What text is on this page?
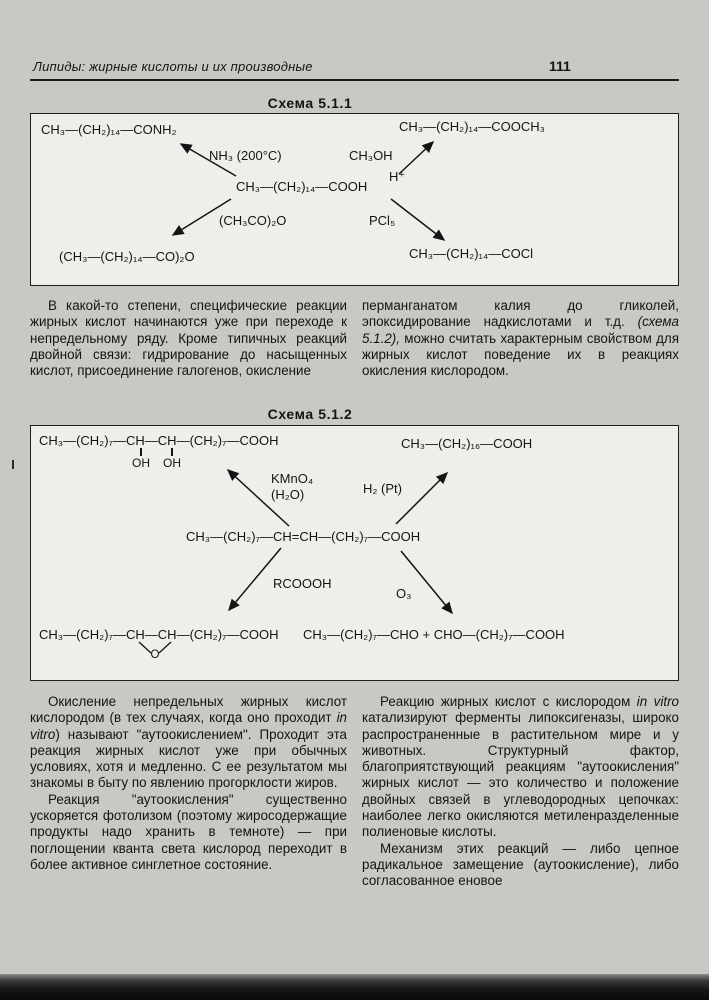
Липиды: жирные кислоты и их производные	111
Схема 5.1.1
CH₃—(CH₂)₁₄—CONH₂	CH₃—(CH₂)₁₄—COOCH₃
CH₃—(CH₂)₁₄—COOH
(CH₃—(CH₂)₁₄—CO)₂O	CH₃—(CH₂)₁₄—COCl
NH₃ (200°C)	CH₃OH
H⁺
(CH₃CO)₂O	PCl₅

В какой-то степени, специфические реакции жирных кислот начинаются уже при переходе к непредельному ряду. Кроме типичных реакций двойной связи: гидрирование до насыщенных кислот, присоединение галогенов, окисление

перманганатом калия до гликолей, эпоксидирование надкислотами и т.д. (схема 5.1.2), можно считать характерным свойством для жирных кислот поведение их в реакциях окисления кислородом.

Схема 5.1.2
CH₃—(CH₂)₇—CH—CH—(CH₂)₇—COOH
OH OH
CH₃—(CH₂)₁₆—COOH
CH₃—(CH₂)₇—CH=CH—(CH₂)₇—COOH
CH₃—(CH₂)₇—CH—CH—(CH₂)₇—COOH
O
CH₃—(CH₂)₇—CHO + CHO—(CH₂)₇—COOH
KMnO₄
(H₂O)	H₂ (Pt)
RCOOOH
O₃

Окисление непредельных жирных кислот кислородом (в тех случаях, когда оно проходит in vitro) называют "аутоокислением". Проходит эта реакция жирных кислот уже при обычных условиях, хотя и медленно. С ее результатом мы знакомы в быту по явлению прогорклости жиров.

Реакция "аутоокисления" существенно ускоряется фотолизом (поэтому жиросодержащие продукты надо хранить в темноте) — при поглощении кванта света кислород переходит в более активное синглетное состояние.

Реакцию жирных кислот с кислородом in vitro катализируют ферменты липоксигеназы, широко распространенные в растительном мире и у животных. Структурный фактор, благоприятствующий реакциям "аутоокисления" жирных кислот — это количество и положение двойных связей в углеводородных цепочках: наиболее легко окисляются метиленразделенные полиеновые кислоты.

Механизм этих реакций — либо цепное радикальное замещение (аутоокисление), либо согласованное еновое
